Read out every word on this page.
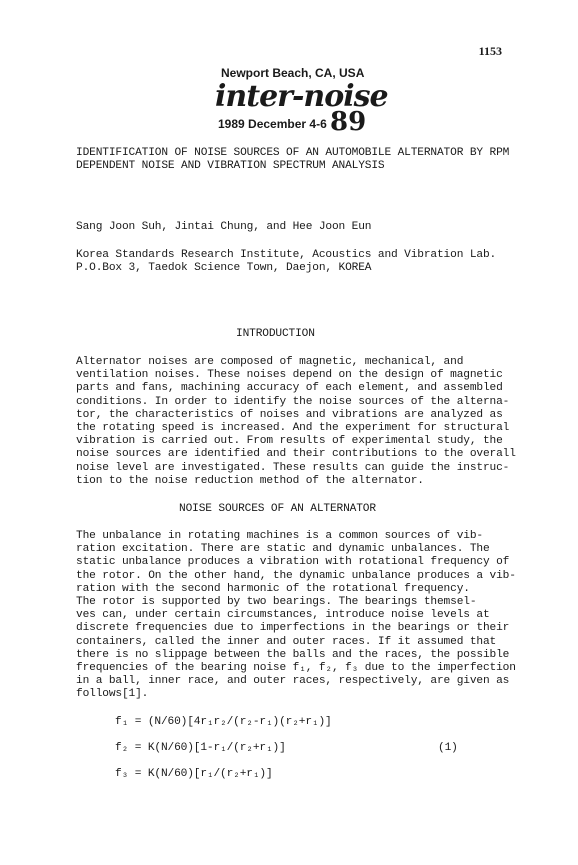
1153
Newport Beach, CA, USA
inter-noise
1989 December 4-6 89
IDENTIFICATION OF NOISE SOURCES OF AN AUTOMOBILE ALTERNATOR BY RPM
DEPENDENT NOISE AND VIBRATION SPECTRUM ANALYSIS
Sang Joon Suh, Jintai Chung, and Hee Joon Eun
Korea Standards Research Institute, Acoustics and Vibration Lab.
P.O.Box 3, Taedok Science Town, Daejon, KOREA
INTRODUCTION
Alternator noises are composed of magnetic, mechanical, and
ventilation noises. These noises depend on the design of magnetic
parts and fans, machining accuracy of each element, and assembled
conditions. In order to identify the noise sources of the alterna-
tor, the characteristics of noises and vibrations are analyzed as
the rotating speed is increased. And the experiment for structural
vibration is carried out. From results of experimental study, the
noise sources are identified and their contributions to the overall
noise level are investigated. These results can guide the instruc-
tion to the noise reduction method of the alternator.
NOISE SOURCES OF AN ALTERNATOR
The unbalance in rotating machines is a common sources of vib-
ration excitation. There are static and dynamic unbalances. The
static unbalance produces a vibration with rotational frequency of
the rotor. On the other hand, the dynamic unbalance produces a vib-
ration with the second harmonic of the rotational frequency.
The rotor is supported by two bearings. The bearings themsel-
ves can, under certain circumstances, introduce noise levels at
discrete frequencies due to imperfections in the bearings or their
containers, called the inner and outer races. If it assumed that
there is no slippage between the balls and the races, the possible
frequencies of the bearing noise f₁, f₂, f₃ due to the imperfection
in a ball, inner race, and outer races, respectively, are given as
follows[1].
f₁ = (N/60)[4r₁r₂/(r₂-r₁)(r₂+r₁)]
f₂ = K(N/60)[1-r₁/(r₂+r₁)]	(1)
f₃ = K(N/60)[r₁/(r₂+r₁)]
